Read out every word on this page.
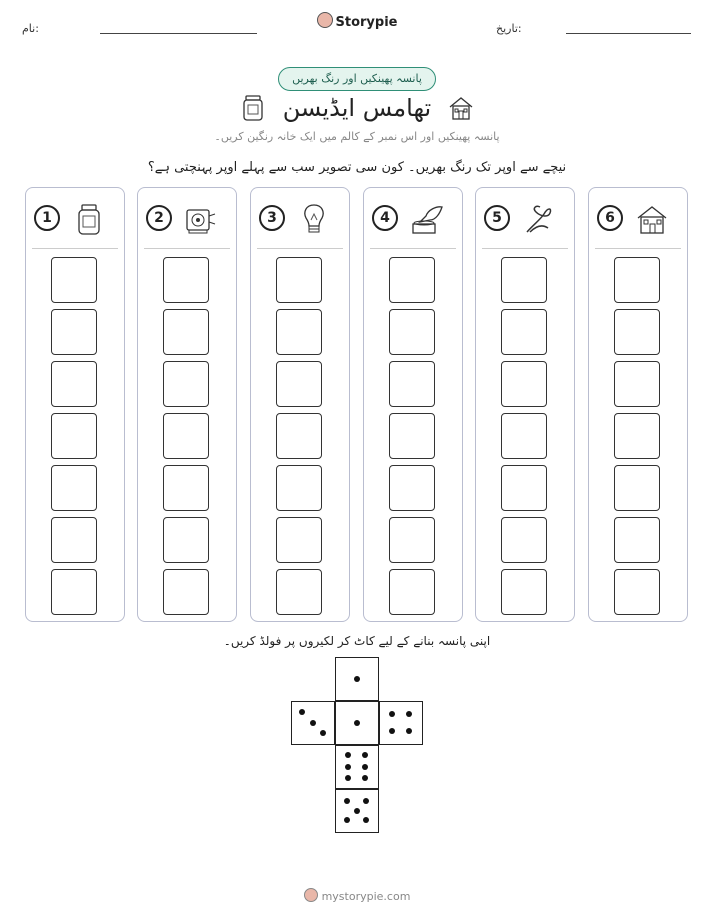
نام:	Storypie	تاریخ:
پانسہ پھینکیں اور رنگ بھریں
تھامس ایڈیسن
پانسہ پھینکیں اور اس نمبر کے کالم میں ایک خانہ رنگین کریں۔
نیچے سے اوپر تک رنگ بھریں۔ کون سی تصویر سب سے پہلے اوپر پہنچتی ہے؟
1	2	3	4	5	6
اپنی پانسہ بنانے کے لیے کاٹ کر لکیروں پر فولڈ کریں۔
mystorypie.com
